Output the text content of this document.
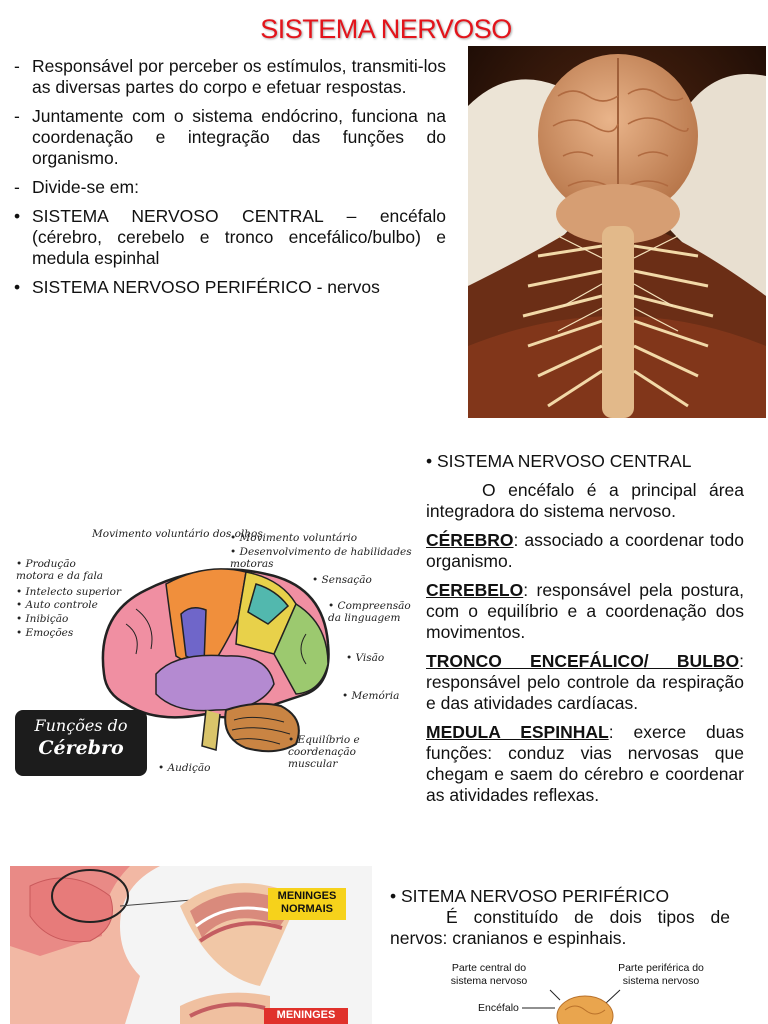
SISTEMA NERVOSO
- Responsável por perceber os estímulos, transmiti-los as diversas partes do corpo e efetuar respostas.
- Juntamente com o sistema endócrino, funciona na coordenação e integração das funções do organismo.
- Divide-se em:
• SISTEMA NERVOSO CENTRAL – encéfalo (cérebro, cerebelo e tronco encefálico/bulbo) e medula espinhal
• SISTEMA NERVOSO PERIFÉRICO - nervos
Movimento voluntário dos olhos
• Movimento voluntário
• Desenvolvimento de habilidades motoras
• Produção motora e da fala
• Intelecto superior
• Auto controle
• Inibição
• Emoções
• Sensação
• Compreensão da linguagem
• Visão
• Memória
• Equilíbrio e coordenação muscular
• Audição
Funções do
Cérebro

• SISTEMA NERVOSO CENTRAL

O encéfalo é a principal área integradora do sistema nervoso.

CÉREBRO: associado a coordenar todo organismo.

CEREBELO: responsável pela postura, com o equilíbrio e a coordenação dos movimentos.

TRONCO ENCEFÁLICO/ BULBO: responsável pelo controle da respiração e das atividades cardíacas.

MEDULA ESPINHAL: exerce duas funções: conduz vias nervosas que chegam e saem do cérebro e coordenar as atividades reflexas.

MENINGES NORMAIS
MENINGES

• SITEMA NERVOSO PERIFÉRICO

É constituído de dois tipos de nervos: cranianos e espinhais.

Parte central do sistema nervoso
Parte periférica do sistema nervoso
Encéfalo
